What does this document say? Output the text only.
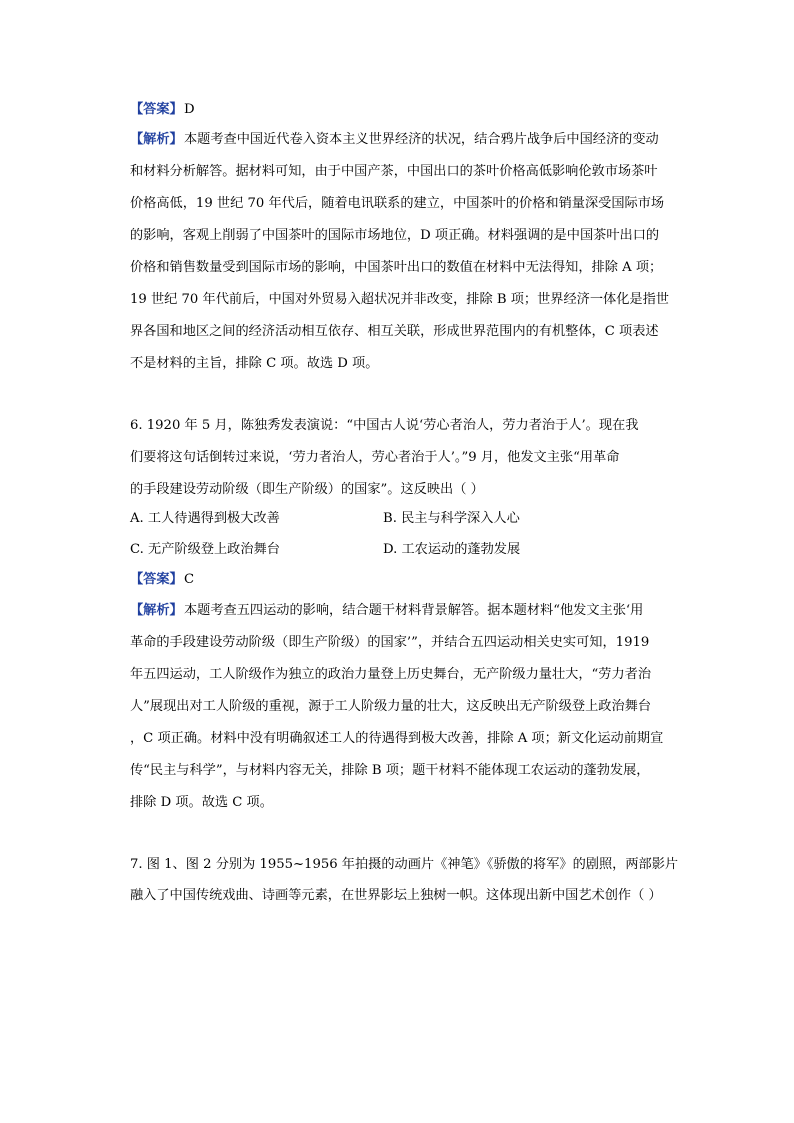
【答案】 D
【解析】 本题考查中国近代卷入资本主义世界经济的状况，结合鸦片战争后中国经济的变动
和材料分析解答。据材料可知，由于中国产茶，中国出口的茶叶价格高低影响伦敦市场茶叶
价格高低，19 世纪 70 年代后，随着电讯联系的建立，中国茶叶的价格和销量深受国际市场
的影响，客观上削弱了中国茶叶的国际市场地位，D 项正确。材料强调的是中国茶叶出口的
价格和销售数量受到国际市场的影响，中国茶叶出口的数值在材料中无法得知，排除 A 项；
19 世纪 70 年代前后，中国对外贸易入超状况并非改变，排除 B 项；世界经济一体化是指世
界各国和地区之间的经济活动相互依存、相互关联，形成世界范围内的有机整体，C 项表述
不是材料的主旨，排除 C 项。故选 D 项。
6. 1920 年 5 月，陈独秀发表演说：“中国古人说‘劳心者治人，劳力者治于人’。现在我
们要将这句话倒转过来说，‘劳力者治人，劳心者治于人’。”9 月，他发文主张“用革命
的手段建设劳动阶级（即生产阶级）的国家”。这反映出（ ）
A. 工人待遇得到极大改善	B. 民主与科学深入人心
C. 无产阶级登上政治舞台	D. 工农运动的蓬勃发展
【答案】 C
【解析】 本题考查五四运动的影响，结合题干材料背景解答。据本题材料“他发文主张‘用
革命的手段建设劳动阶级（即生产阶级）的国家’”，并结合五四运动相关史实可知，1919
年五四运动，工人阶级作为独立的政治力量登上历史舞台，无产阶级力量壮大，“劳力者治
人”展现出对工人阶级的重视，源于工人阶级力量的壮大，这反映出无产阶级登上政治舞台
，C 项正确。材料中没有明确叙述工人的待遇得到极大改善，排除 A 项；新文化运动前期宣
传“民主与科学”，与材料内容无关，排除 B 项；题干材料不能体现工农运动的蓬勃发展，
排除 D 项。故选 C 项。
7. 图 1、图 2 分别为 1955~1956 年拍摄的动画片《神笔》《骄傲的将军》的剧照，两部影片
融入了中国传统戏曲、诗画等元素，在世界影坛上独树一帜。这体现出新中国艺术创作（ ）
